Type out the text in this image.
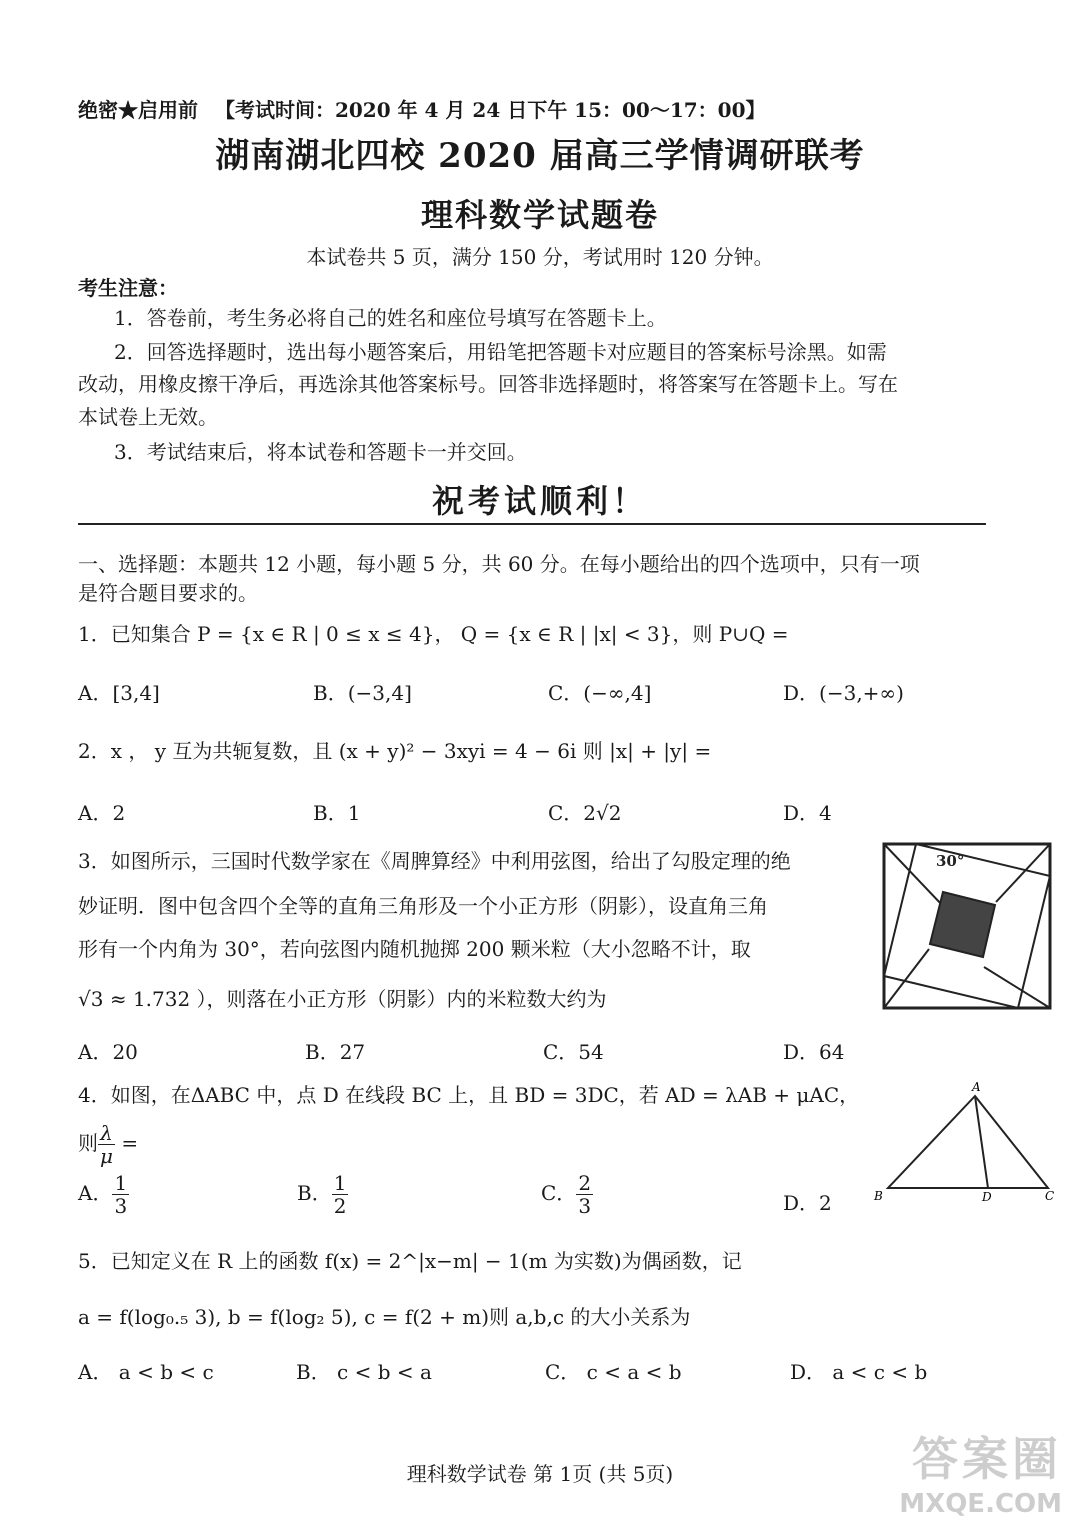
绝密★启用前 【考试时间：2020 年 4 月 24 日下午 15：00～17：00】
湖南湖北四校 2020 届高三学情调研联考
理科数学试题卷
本试卷共 5 页，满分 150 分，考试用时 120 分钟。
考生注意：
1．答卷前，考生务必将自己的姓名和座位号填写在答题卡上。
2．回答选择题时，选出每小题答案后，用铅笔把答题卡对应题目的答案标号涂黑。如需
改动，用橡皮擦干净后，再选涂其他答案标号。回答非选择题时，将答案写在答题卡上。写在
本试卷上无效。
3．考试结束后，将本试卷和答题卡一并交回。
祝考试顺利！
一、选择题：本题共 12 小题，每小题 5 分，共 60 分。在每小题给出的四个选项中，只有一项
是符合题目要求的。
1．已知集合 P = {x ∈ R | 0 ≤ x ≤ 4}， Q = {x ∈ R | |x| < 3}，则 P∪Q =
A．[3,4]	B．(−3,4]	C．(−∞,4]	D．(−3,+∞)
2．x ， y 互为共轭复数，且 (x + y)² − 3xyi = 4 − 6i 则 |x| + |y| =
A．2	B．1	C．2√2	D．4
3．如图所示，三国时代数学家在《周脾算经》中利用弦图，给出了勾股定理的绝
妙证明．图中包含四个全等的直角三角形及一个小正方形（阴影），设直角三角
形有一个内角为 30°，若向弦图内随机抛掷 200 颗米粒（大小忽略不计，取
√3 ≈ 1.732 ），则落在小正方形（阴影）内的米粒数大约为
30°
A．20	B．27	C．54	D．64
4．如图，在ΔABC 中，点 D 在线段 BC 上，且 BD = 3DC，若 AD = λAB + μAC，
则 $\frac{\lambda}{\mu}$ =
A． $\frac{1}{3}$	B． $\frac{1}{2}$	C． $\frac{2}{3}$	D．2
A
B	D	C
5．已知定义在 R 上的函数 f(x) = 2^|x−m| − 1(m 为实数)为偶函数，记
a = f(log₀.₅ 3), b = f(log₂ 5), c = f(2 + m)则 a,b,c 的大小关系为
A． a < b < c	B． c < b < a	C． c < a < b	D． a < c < b
理科数学试卷 第 1页 (共 5页)	答案圈
MXQE.COM
